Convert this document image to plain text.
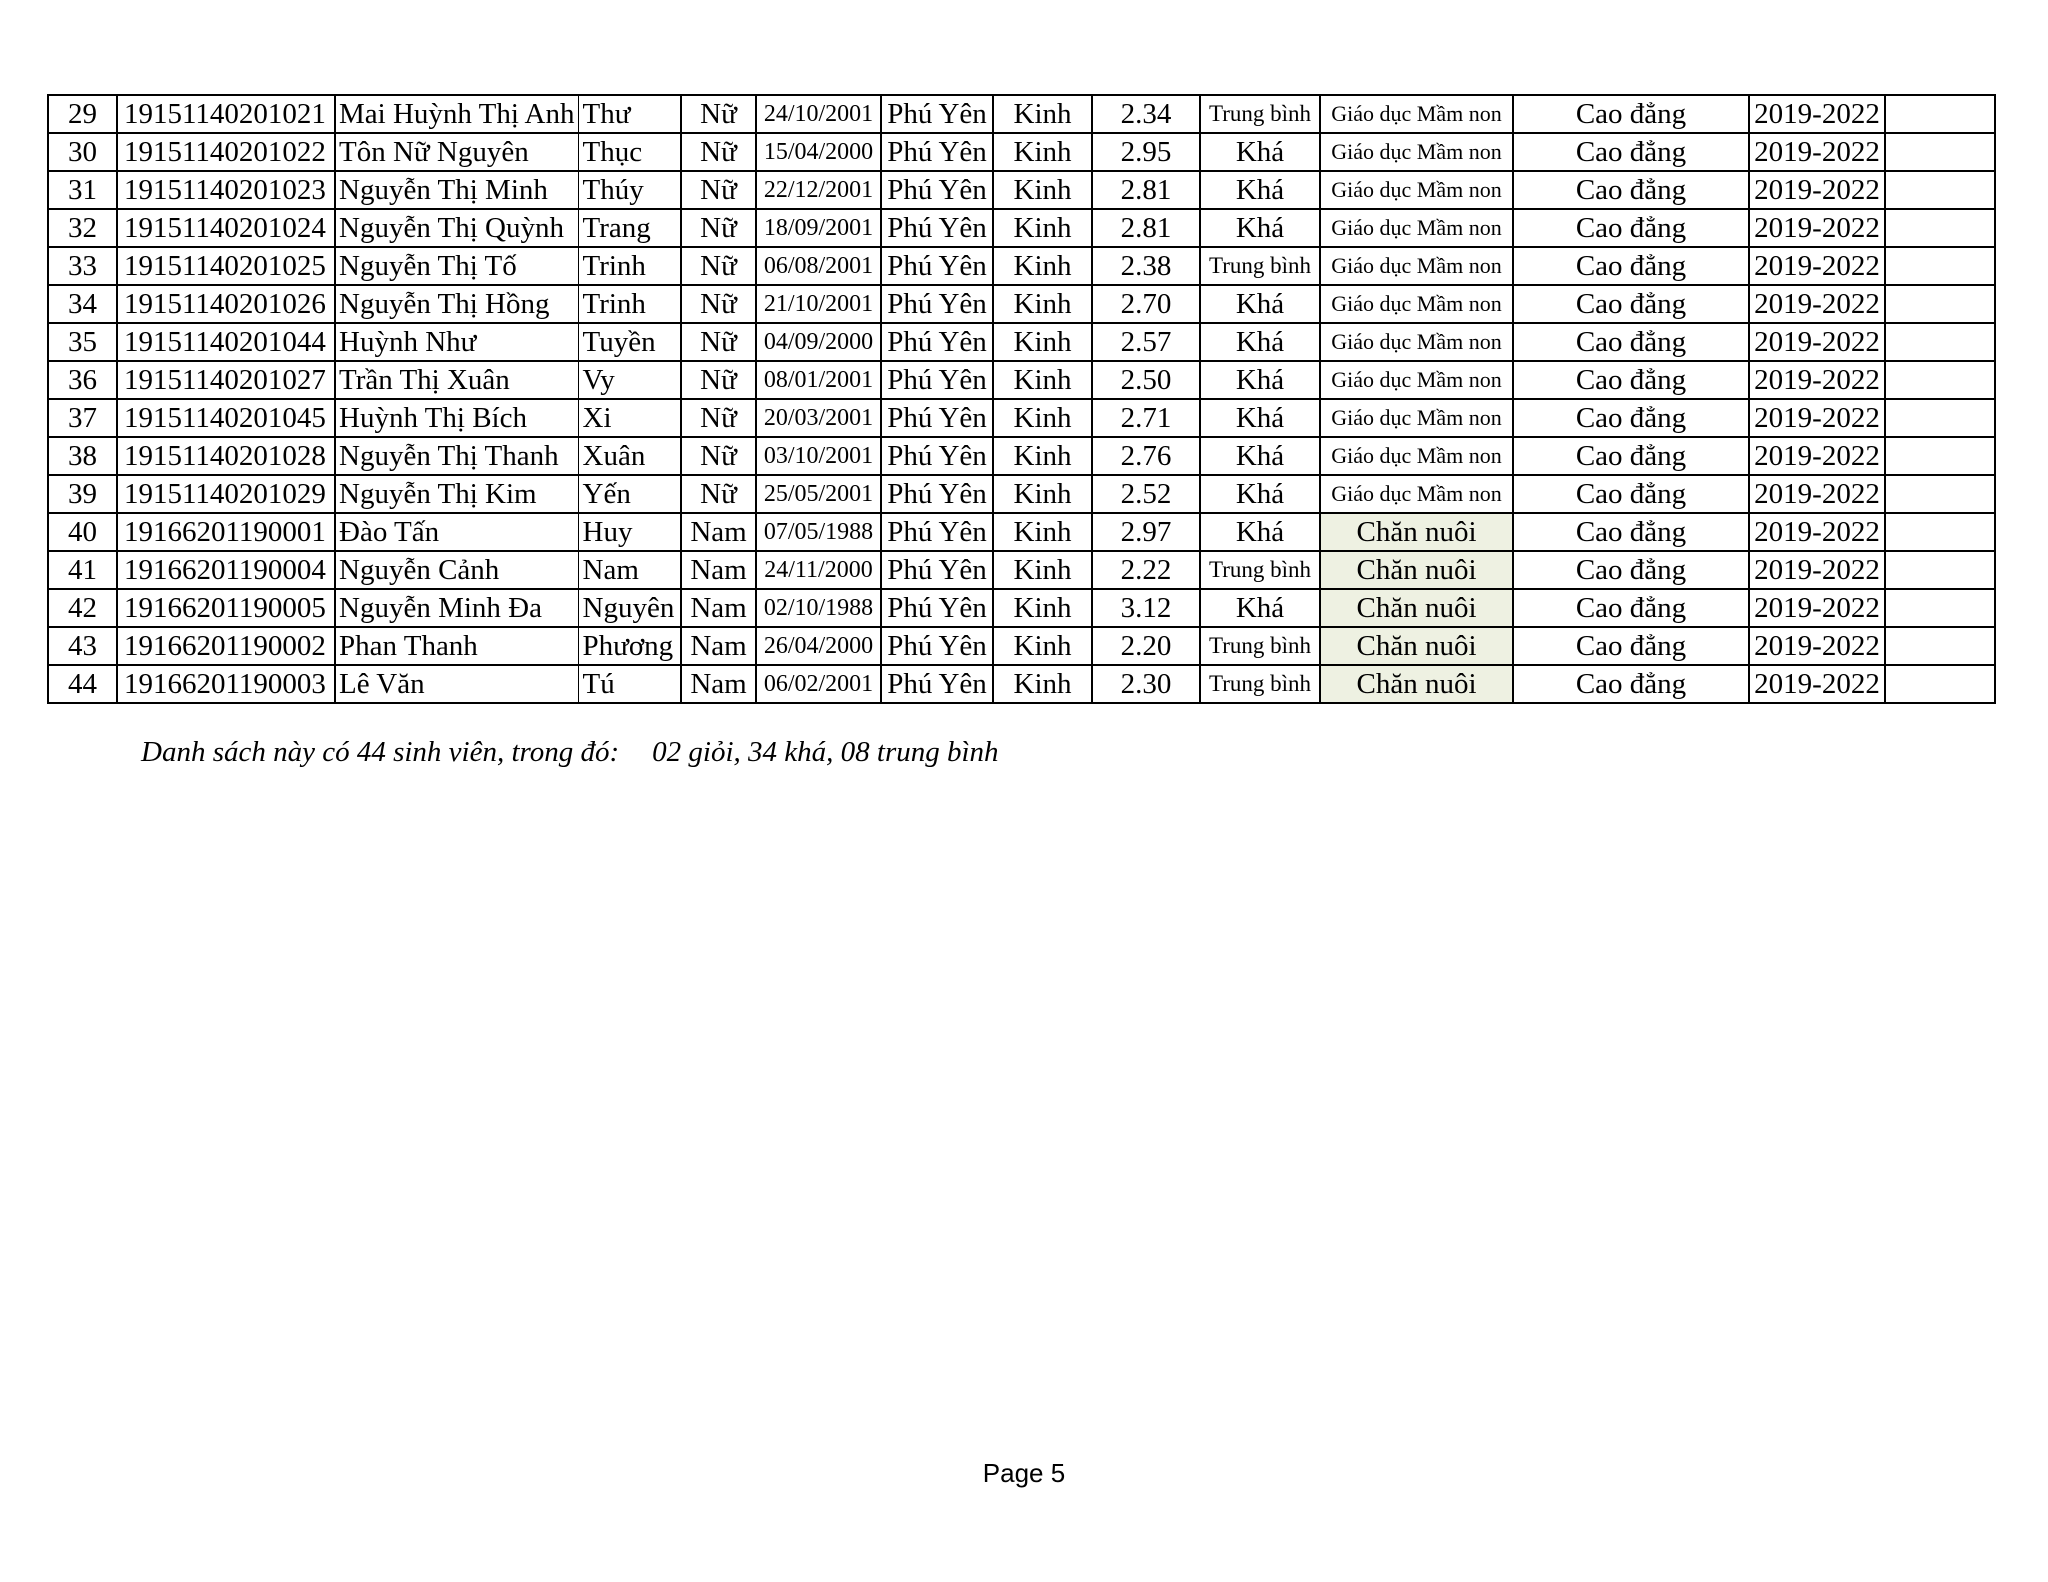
29	19151140201021	Mai Huỳnh Thị Anh	Thư	Nữ	24/10/2001	Phú Yên	Kinh	2.34	Trung bình	Giáo dục Mầm non	Cao đẳng	2019-2022	
30	19151140201022	Tôn Nữ Nguyên	Thục	Nữ	15/04/2000	Phú Yên	Kinh	2.95	Khá	Giáo dục Mầm non	Cao đẳng	2019-2022	
31	19151140201023	Nguyễn Thị Minh	Thúy	Nữ	22/12/2001	Phú Yên	Kinh	2.81	Khá	Giáo dục Mầm non	Cao đẳng	2019-2022	
32	19151140201024	Nguyễn Thị Quỳnh	Trang	Nữ	18/09/2001	Phú Yên	Kinh	2.81	Khá	Giáo dục Mầm non	Cao đẳng	2019-2022	
33	19151140201025	Nguyễn Thị Tố	Trinh	Nữ	06/08/2001	Phú Yên	Kinh	2.38	Trung bình	Giáo dục Mầm non	Cao đẳng	2019-2022	
34	19151140201026	Nguyễn Thị Hồng	Trinh	Nữ	21/10/2001	Phú Yên	Kinh	2.70	Khá	Giáo dục Mầm non	Cao đẳng	2019-2022	
35	19151140201044	Huỳnh Như	Tuyền	Nữ	04/09/2000	Phú Yên	Kinh	2.57	Khá	Giáo dục Mầm non	Cao đẳng	2019-2022	
36	19151140201027	Trần Thị Xuân	Vy	Nữ	08/01/2001	Phú Yên	Kinh	2.50	Khá	Giáo dục Mầm non	Cao đẳng	2019-2022	
37	19151140201045	Huỳnh Thị Bích	Xi	Nữ	20/03/2001	Phú Yên	Kinh	2.71	Khá	Giáo dục Mầm non	Cao đẳng	2019-2022	
38	19151140201028	Nguyễn Thị Thanh	Xuân	Nữ	03/10/2001	Phú Yên	Kinh	2.76	Khá	Giáo dục Mầm non	Cao đẳng	2019-2022	
39	19151140201029	Nguyễn Thị Kim	Yến	Nữ	25/05/2001	Phú Yên	Kinh	2.52	Khá	Giáo dục Mầm non	Cao đẳng	2019-2022	
40	19166201190001	Đào Tấn	Huy	Nam	07/05/1988	Phú Yên	Kinh	2.97	Khá	Chăn nuôi	Cao đẳng	2019-2022	
41	19166201190004	Nguyễn Cảnh	Nam	Nam	24/11/2000	Phú Yên	Kinh	2.22	Trung bình	Chăn nuôi	Cao đẳng	2019-2022	
42	19166201190005	Nguyễn Minh Đa	Nguyên	Nam	02/10/1988	Phú Yên	Kinh	3.12	Khá	Chăn nuôi	Cao đẳng	2019-2022	
43	19166201190002	Phan Thanh	Phương	Nam	26/04/2000	Phú Yên	Kinh	2.20	Trung bình	Chăn nuôi	Cao đẳng	2019-2022	
44	19166201190003	Lê Văn	Tú	Nam	06/02/2001	Phú Yên	Kinh	2.30	Trung bình	Chăn nuôi	Cao đẳng	2019-2022	
Danh sách này có 44 sinh viên, trong đó: 02 giỏi, 34 khá, 08 trung bình
Page 5
